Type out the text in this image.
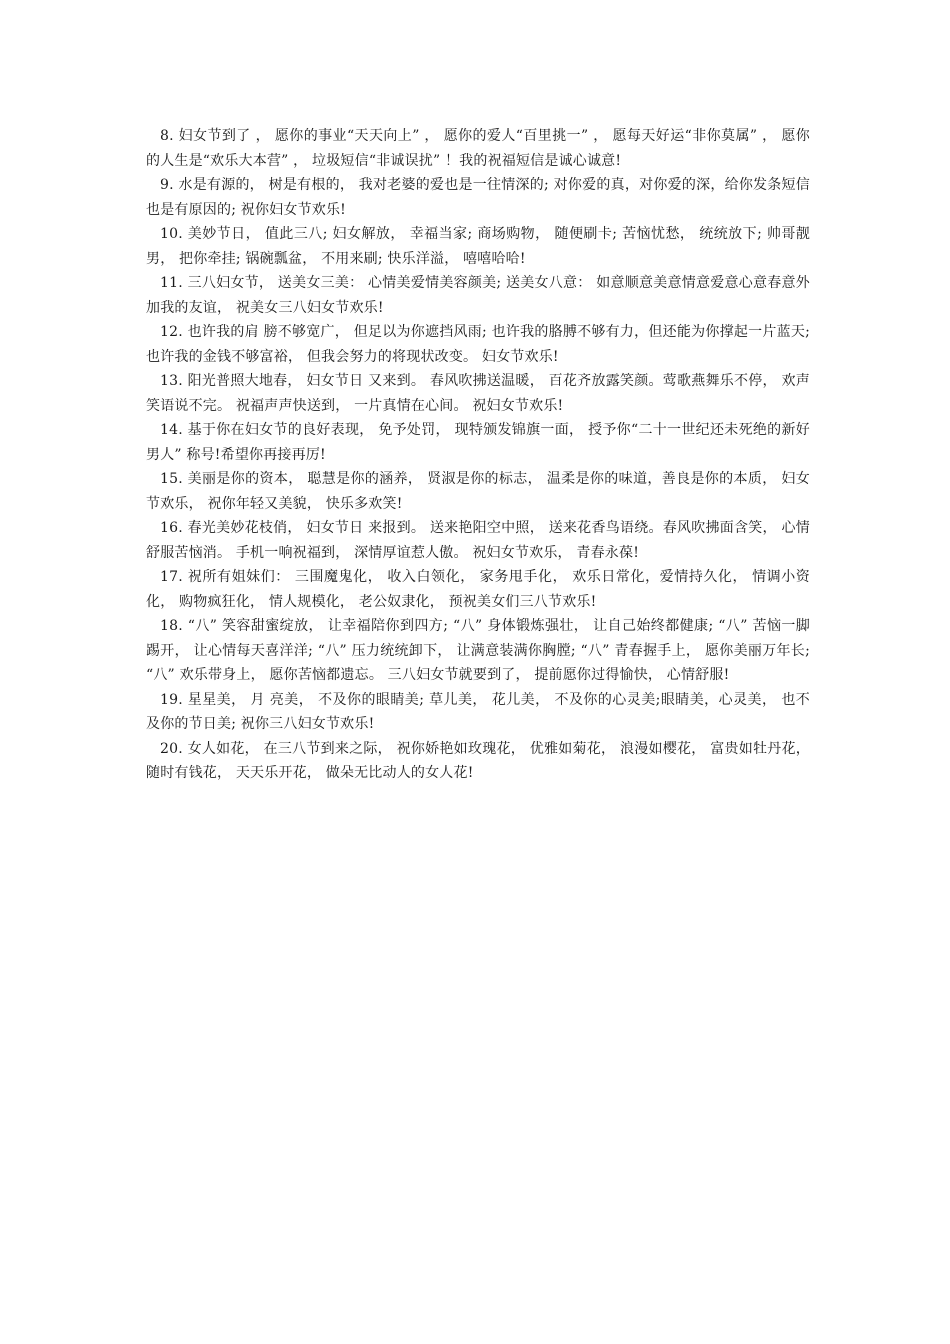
8. 妇女节到了 ， 愿你的事业“天天向上” ， 愿你的爱人“百里挑一” ， 愿每天好运“非你莫属” ， 愿你的人生是“欢乐大本营” ， 垃圾短信“非诚误扰” ！我的祝福短信是诚心诚意!

9. 水是有源的， 树是有根的， 我对老婆的爱也是一往情深的; 对你爱的真，对你爱的深，给你发条短信也是有原因的; 祝你妇女节欢乐!

10. 美妙节日， 值此三八; 妇女解放， 幸福当家; 商场购物， 随便刷卡; 苦恼忧愁， 统统放下; 帅哥靓男， 把你牵挂; 锅碗瓢盆， 不用来刷; 快乐洋溢， 嘻嘻哈哈!

11. 三八妇女节， 送美女三美： 心情美爱情美容颜美; 送美女八意： 如意顺意美意情意爱意心意春意外加我的友谊， 祝美女三八妇女节欢乐!

12. 也许我的肩 膀不够宽广， 但足以为你遮挡风雨; 也许我的胳膊不够有力，但还能为你撑起一片蓝天; 也许我的金钱不够富裕， 但我会努力的将现状改变。 妇女节欢乐!

13. 阳光普照大地春， 妇女节日 又来到。 春风吹拂送温暖， 百花齐放露笑颜。莺歌燕舞乐不停， 欢声笑语说不完。 祝福声声快送到， 一片真情在心间。 祝妇女节欢乐!

14. 基于你在妇女节的良好表现， 免予处罚， 现特颁发锦旗一面， 授予你“二十一世纪还未死绝的新好男人” 称号!希望你再接再厉!

15. 美丽是你的资本， 聪慧是你的涵养， 贤淑是你的标志， 温柔是你的味道，善良是你的本质， 妇女节欢乐， 祝你年轻又美貌， 快乐多欢笑!

16. 春光美妙花枝俏， 妇女节日 来报到。 送来艳阳空中照， 送来花香鸟语绕。春风吹拂面含笑， 心情舒服苦恼消。 手机一响祝福到， 深情厚谊惹人傲。 祝妇女节欢乐， 青春永葆!

17. 祝所有姐妹们： 三围魔鬼化， 收入白领化， 家务甩手化， 欢乐日常化，爱情持久化， 情调小资化， 购物疯狂化， 情人规模化， 老公奴隶化， 预祝美女们三八节欢乐!

18. “八” 笑容甜蜜绽放， 让幸福陪你到四方; “八” 身体锻炼强壮， 让自己始终都健康; “八” 苦恼一脚踢开， 让心情每天喜洋洋; “八” 压力统统卸下， 让满意装满你胸膛; “八” 青春握手上， 愿你美丽万年长; “八” 欢乐带身上， 愿你苦恼都遗忘。 三八妇女节就要到了， 提前愿你过得愉快， 心情舒服!

19. 星星美， 月 亮美， 不及你的眼睛美; 草儿美， 花儿美， 不及你的心灵美;眼睛美，心灵美， 也不及你的节日美; 祝你三八妇女节欢乐!

20. 女人如花， 在三八节到来之际， 祝你娇艳如玫瑰花， 优雅如菊花， 浪漫如樱花， 富贵如牡丹花， 随时有钱花， 天天乐开花， 做朵无比动人的女人花!
